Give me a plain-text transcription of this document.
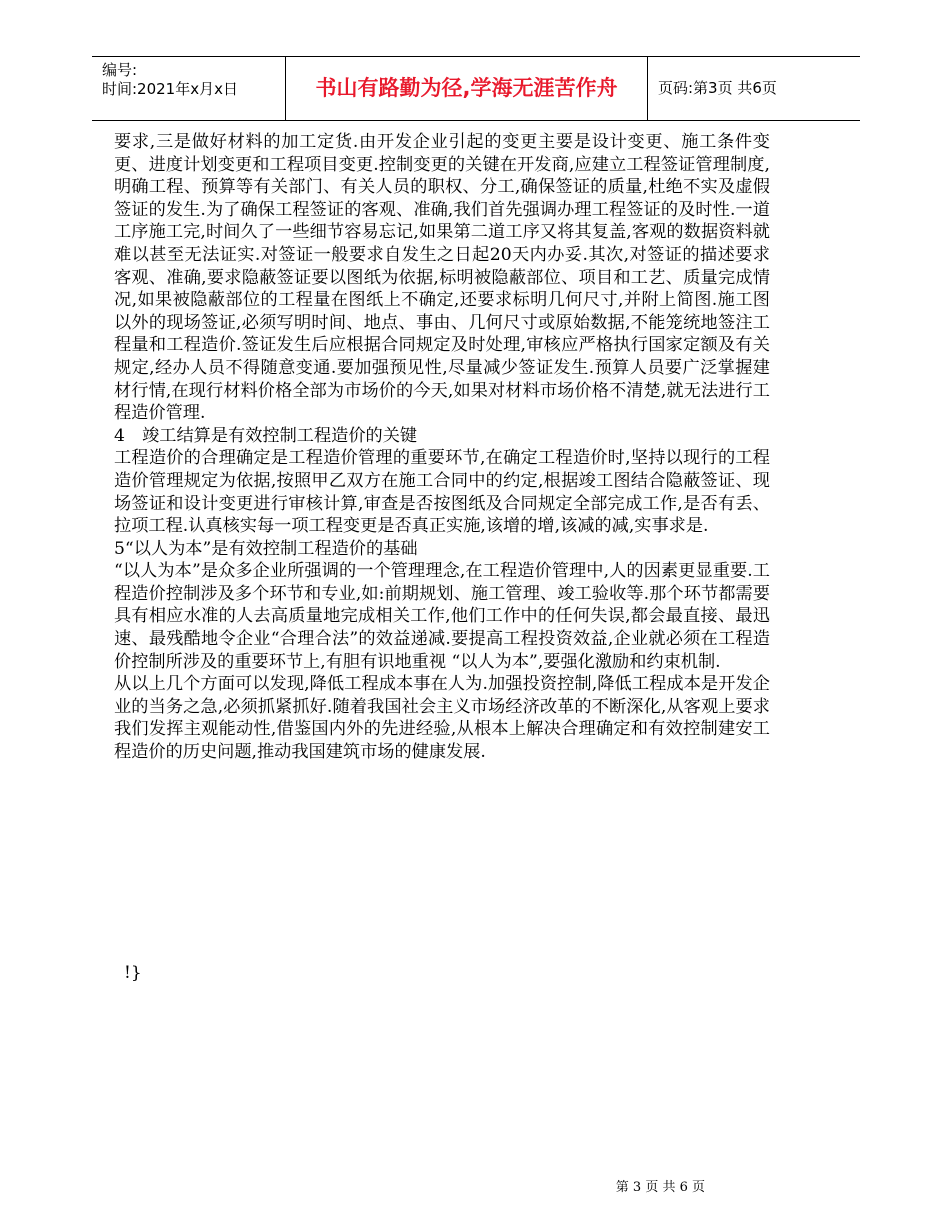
编号:
时间:2021年x月x日	书山有路勤为径,学海无涯苦作舟	页码:第3页 共6页

要求,三是做好材料的加工定货.由开发企业引起的变更主要是设计变更、施工条件变更、进度计划变更和工程项目变更.控制变更的关键在开发商,应建立工程签证管理制度,明确工程、预算等有关部门、有关人员的职权、分工,确保签证的质量,杜绝不实及虚假签证的发生.为了确保工程签证的客观、准确,我们首先强调办理工程签证的及时性.一道工序施工完,时间久了一些细节容易忘记,如果第二道工序又将其复盖,客观的数据资料就难以甚至无法证实.对签证一般要求自发生之日起20天内办妥.其次,对签证的描述要求客观、准确,要求隐蔽签证要以图纸为依据,标明被隐蔽部位、项目和工艺、质量完成情况,如果被隐蔽部位的工程量在图纸上不确定,还要求标明几何尺寸,并附上简图.施工图以外的现场签证,必须写明时间、地点、事由、几何尺寸或原始数据,不能笼统地签注工程量和工程造价.签证发生后应根据合同规定及时处理,审核应严格执行国家定额及有关规定,经办人员不得随意变通.要加强预见性,尽量减少签证发生.预算人员要广泛掌握建材行情,在现行材料价格全部为市场价的今天,如果对材料市场价格不清楚,就无法进行工程造价管理.

4　竣工结算是有效控制工程造价的关键

工程造价的合理确定是工程造价管理的重要环节,在确定工程造价时,坚持以现行的工程造价管理规定为依据,按照甲乙双方在施工合同中的约定,根据竣工图结合隐蔽签证、现场签证和设计变更进行审核计算,审查是否按图纸及合同规定全部完成工作,是否有丢、拉项工程.认真核实每一项工程变更是否真正实施,该增的增,该减的减,实事求是.

5“以人为本”是有效控制工程造价的基础

“以人为本”是众多企业所强调的一个管理理念,在工程造价管理中,人的因素更显重要.工程造价控制涉及多个环节和专业,如:前期规划、施工管理、竣工验收等.那个环节都需要具有相应水准的人去高质量地完成相关工作,他们工作中的任何失误,都会最直接、最迅速、最残酷地令企业“合理合法”的效益递减.要提高工程投资效益,企业就必须在工程造价控制所涉及的重要环节上,有胆有识地重视 “以人为本”,要强化激励和约束机制.

从以上几个方面可以发现,降低工程成本事在人为.加强投资控制,降低工程成本是开发企业的当务之急,必须抓紧抓好.随着我国社会主义市场经济改革的不断深化,从客观上要求我们发挥主观能动性,借鉴国内外的先进经验,从根本上解决合理确定和有效控制建安工程造价的历史问题,推动我国建筑市场的健康发展.

!}
第 3 页 共 6 页
